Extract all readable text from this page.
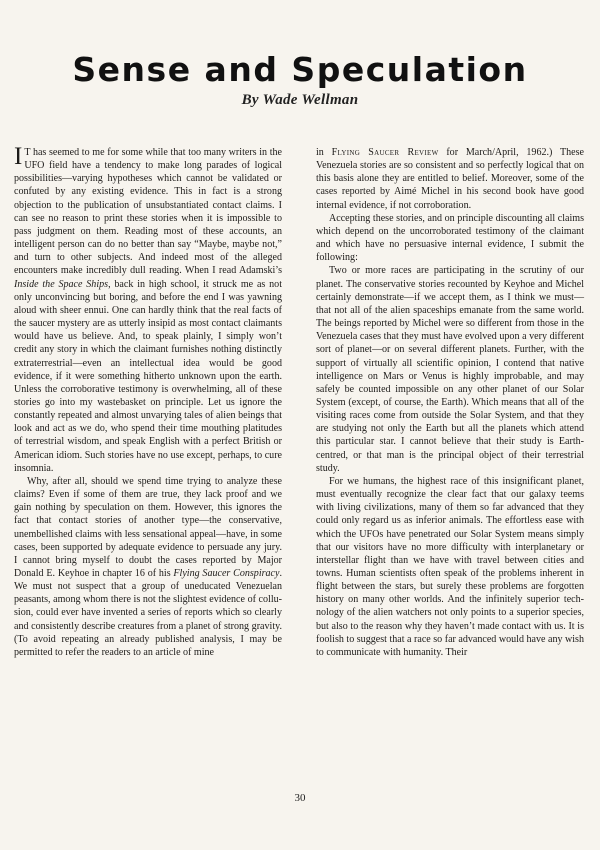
Sense and Speculation
By Wade Wellman

I T has seemed to me for some while that too many writers in the UFO field have a tendency to make long parades of logical possibilities—varying hypotheses which cannot be validated or confuted by any existing evidence. This in fact is a strong objection to the publication of unsubstantiated contact claims. I can see no reason to print these stories when it is impossible to pass judgment on them. Reading most of these accounts, an intelligent person can do no better than say “Maybe, maybe not,” and turn to other subjects. And indeed most of the alleged encounters make incredibly dull reading. When I read Adamski’s Inside the Space Ships, back in high school, it struck me as not only unconvincing but boring, and before the end I was yawning aloud with sheer ennui. One can hardly think that the real facts of the saucer mystery are as utterly insipid as most contact claimants would have us believe. And, to speak plainly, I simply won’t credit any story in which the claimant furnishes nothing distinctly extraterrestrial—even an intellectual idea would be good evidence, if it were something hitherto unknown upon the earth. Unless the corroborative testimony is overwhelming, all of these stories go into my wastebasket on principle. Let us ignore the constantly repeated and almost unvarying tales of alien beings that look and act as we do, who spend their time mouthing platitudes of terrestrial wisdom, and speak English with a perfect British or American idiom. Such stories have no use except, perhaps, to cure insomnia.

Why, after all, should we spend time trying to analyze these claims? Even if some of them are true, they lack proof and we gain nothing by speculation on them. However, this ignores the fact that contact stories of another type—the conservative, unembellished claims with less sensational appeal—have, in some cases, been supported by adequate evidence to persuade any jury. I cannot bring myself to doubt the cases reported by Major Donald E. Keyhoe in chapter 16 of his Flying Saucer Conspiracy. We must not suspect that a group of uneducated Venezuelan peasants, among whom there is not the slightest evidence of collusion, could ever have invented a series of reports which so clearly and consistently describe creatures from a planet of strong gravity. (To avoid repeating an already published analysis, I may be permitted to refer the readers to an article of mine

in Flying Saucer Review for March/April, 1962.) These Venezuela stories are so consistent and so perfectly logical that on this basis alone they are entitled to belief. Moreover, some of the cases reported by Aimé Michel in his second book have good internal evidence, if not corroboration.

Accepting these stories, and on principle discounting all claims which depend on the uncorroborated testimony of the claimant and which have no persuasive internal evidence, I submit the following:

Two or more races are participating in the scrutiny of our planet. The conservative stories recounted by Keyhoe and Michel certainly demonstrate—if we accept them, as I think we must—that not all of the alien spaceships emanate from the same world. The beings reported by Michel were so different from those in the Venezuela cases that they must have evolved upon a very different sort of planet—or on several different planets. Further, with the support of virtually all scientific opinion, I contend that native intelligence on Mars or Venus is highly improbable, and may safely be counted impossible on any other planet of our Solar System (except, of course, the Earth). Which means that all of the visiting races come from outside the Solar System, and that they are studying not only the Earth but all the planets which attend this particular star. I cannot believe that their study is Earth-centred, or that man is the principal object of their terrestrial study.

For we humans, the highest race of this insignificant planet, must eventually recognize the clear fact that our galaxy teems with living civilizations, many of them so far advanced that they could only regard us as inferior animals. The effortless ease with which the UFOs have penetrated our Solar System means simply that our visitors have no more difficulty with interplanetary or interstellar flight than we have with travel between cities and towns. Human scientists often speak of the problems inherent in flight between the stars, but surely these problems are forgotten history on many other worlds. And the infinitely superior technology of the alien watchers not only points to a superior species, but also to the reason why they haven’t made contact with us. It is foolish to suggest that a race so far advanced would have any wish to communicate with humanity. Their

30
